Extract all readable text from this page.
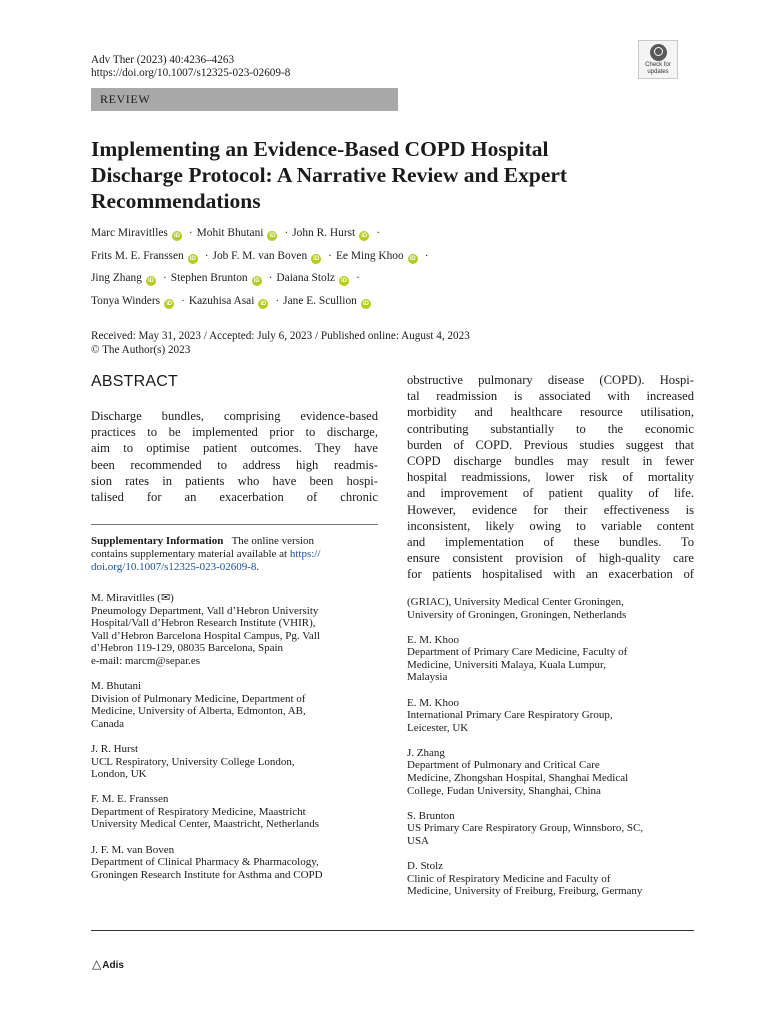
Adv Ther (2023) 40:4236–4263
https://doi.org/10.1007/s12325-023-02609-8
Check for
updates
REVIEW
Implementing an Evidence-Based COPD Hospital
Discharge Protocol: A Narrative Review and Expert
Recommendations
Marc Miravitlles iD · Mohit Bhutani iD · John R. Hurst iD ·
Frits M. E. Franssen iD · Job F. M. van Boven iD · Ee Ming Khoo iD ·
Jing Zhang iD · Stephen Brunton iD · Daiana Stolz iD ·
Tonya Winders iD · Kazuhisa Asai iD · Jane E. Scullion iD
Received: May 31, 2023 / Accepted: July 6, 2023 / Published online: August 4, 2023
© The Author(s) 2023
ABSTRACT
Discharge bundles, comprising evidence-based
practices to be implemented prior to discharge,
aim to optimise patient outcomes. They have
been recommended to address high readmis-
sion rates in patients who have been hospi-
talised for an exacerbation of chronic
obstructive pulmonary disease (COPD). Hospi-
tal readmission is associated with increased
morbidity and healthcare resource utilisation,
contributing substantially to the economic
burden of COPD. Previous studies suggest that
COPD discharge bundles may result in fewer
hospital readmissions, lower risk of mortality
and improvement of patient quality of life.
However, evidence for their effectiveness is
inconsistent, likely owing to variable content
and implementation of these bundles. To
ensure consistent provision of high-quality care
for patients hospitalised with an exacerbation of
Supplementary Information The online version
contains supplementary material available at https://
doi.org/10.1007/s12325-023-02609-8.
M. Miravitlles (✉)
Pneumology Department, Vall d’Hebron University
Hospital/Vall d’Hebron Research Institute (VHIR),
Vall d’Hebron Barcelona Hospital Campus, Pg. Vall
d’Hebron 119-129, 08035 Barcelona, Spain
e-mail: marcm@separ.es
M. Bhutani
Division of Pulmonary Medicine, Department of
Medicine, University of Alberta, Edmonton, AB,
Canada
J. R. Hurst
UCL Respiratory, University College London,
London, UK
F. M. E. Franssen
Department of Respiratory Medicine, Maastricht
University Medical Center, Maastricht, Netherlands
J. F. M. van Boven
Department of Clinical Pharmacy & Pharmacology,
Groningen Research Institute for Asthma and COPD
(GRIAC), University Medical Center Groningen,
University of Groningen, Groningen, Netherlands
E. M. Khoo
Department of Primary Care Medicine, Faculty of
Medicine, Universiti Malaya, Kuala Lumpur,
Malaysia
E. M. Khoo
International Primary Care Respiratory Group,
Leicester, UK
J. Zhang
Department of Pulmonary and Critical Care
Medicine, Zhongshan Hospital, Shanghai Medical
College, Fudan University, Shanghai, China
S. Brunton
US Primary Care Respiratory Group, Winnsboro, SC,
USA
D. Stolz
Clinic of Respiratory Medicine and Faculty of
Medicine, University of Freiburg, Freiburg, Germany
△Adis
